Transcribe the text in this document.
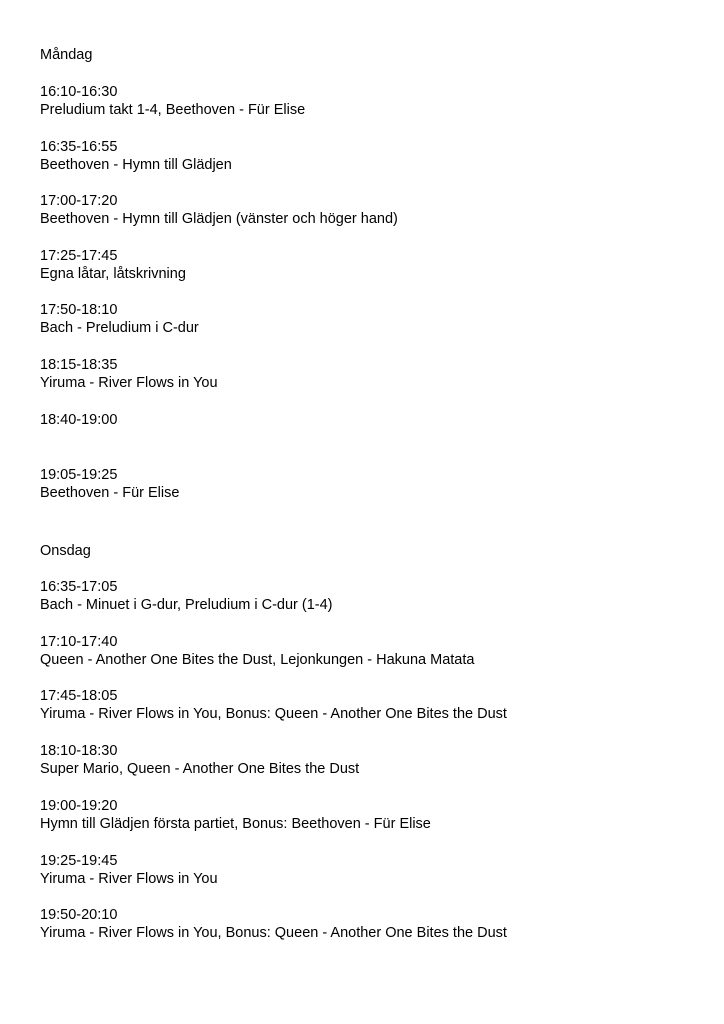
Måndag
16:10-16:30
Preludium takt 1-4, Beethoven - Für Elise
16:35-16:55
Beethoven - Hymn till Glädjen
17:00-17:20
Beethoven - Hymn till Glädjen (vänster och höger hand)
17:25-17:45
Egna låtar, låtskrivning
17:50-18:10
Bach - Preludium i C-dur
18:15-18:35
Yiruma - River Flows in You
18:40-19:00
19:05-19:25
Beethoven - Für Elise
Onsdag
16:35-17:05
Bach - Minuet i G-dur, Preludium i C-dur (1-4)
17:10-17:40
Queen - Another One Bites the Dust, Lejonkungen - Hakuna Matata
17:45-18:05
Yiruma - River Flows in You, Bonus: Queen - Another One Bites the Dust
18:10-18:30
Super Mario, Queen - Another One Bites the Dust
19:00-19:20
Hymn till Glädjen första partiet, Bonus: Beethoven - Für Elise
19:25-19:45
Yiruma - River Flows in You
19:50-20:10
Yiruma - River Flows in You, Bonus: Queen - Another One Bites the Dust
